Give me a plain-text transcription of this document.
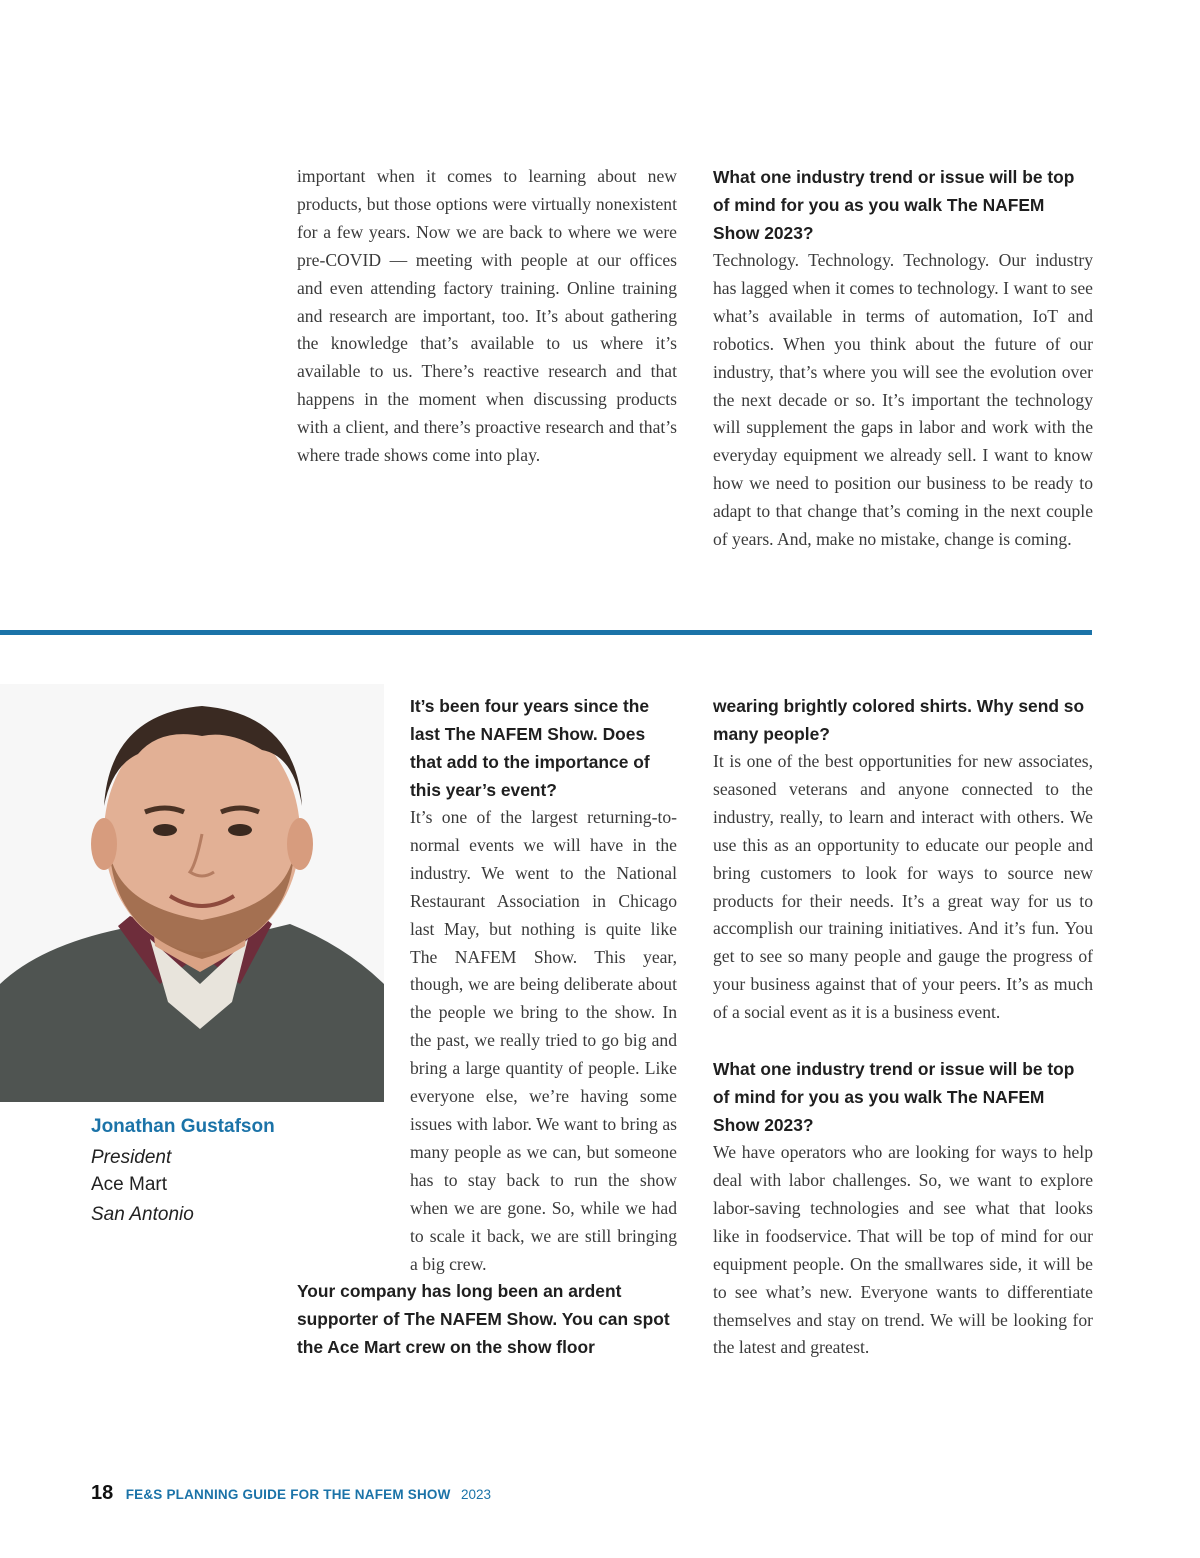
important when it comes to learning about new products, but those options were virtually nonexistent for a few years. Now we are back to where we were pre-COVID — meeting with people at our offices and even attending factory training. Online training and research are important, too. It’s about gathering the knowledge that’s available to us where it’s available to us. There’s reactive research and that happens in the moment when discussing products with a client, and there’s proactive research and that’s where trade shows come into play.

What one industry trend or issue will be top of mind for you as you walk The NAFEM Show 2023?

Technology. Technology. Technology. Our industry has lagged when it comes to technology. I want to see what’s available in terms of automation, IoT and robotics. When you think about the future of our industry, that’s where you will see the evolution over the next decade or so. It’s important the technology will supplement the gaps in labor and work with the everyday equipment we already sell. I want to know how we need to position our business to be ready to adapt to that change that’s coming in the next couple of years. And, make no mistake, change is coming.

Jonathan Gustafson
President
Ace Mart
San Antonio

It’s been four years since the last The NAFEM Show. Does that add to the importance of this year’s event?

It’s one of the largest returning-to-normal events we will have in the industry. We went to the National Restaurant Association in Chicago last May, but nothing is quite like The NAFEM Show. This year, though, we are being deliberate about the people we bring to the show. In the past, we really tried to go big and bring a large quantity of people. Like everyone else, we’re having some issues with labor. We want to bring as many people as we can, but someone has to stay back to run the show when we are gone. So, while we had to scale it back, we are still bringing a big crew.

Your company has long been an ardent supporter of The NAFEM Show. You can spot the Ace Mart crew on the show floor

wearing brightly colored shirts. Why send so many people?

It is one of the best opportunities for new associates, seasoned veterans and anyone connected to the industry, really, to learn and interact with others. We use this as an opportunity to educate our people and bring customers to look for ways to source new products for their needs. It’s a great way for us to accomplish our training initiatives. And it’s fun. You get to see so many people and gauge the progress of your business against that of your peers. It’s as much of a social event as it is a business event.

What one industry trend or issue will be top of mind for you as you walk The NAFEM Show 2023?

We have operators who are looking for ways to help deal with labor challenges. So, we want to explore labor-saving technologies and see what that looks like in foodservice. That will be top of mind for our equipment people. On the smallwares side, it will be to see what’s new. Everyone wants to differentiate themselves and stay on trend. We will be looking for the latest and greatest.

18 FE&S PLANNING GUIDE FOR THE NAFEM SHOW 2023
